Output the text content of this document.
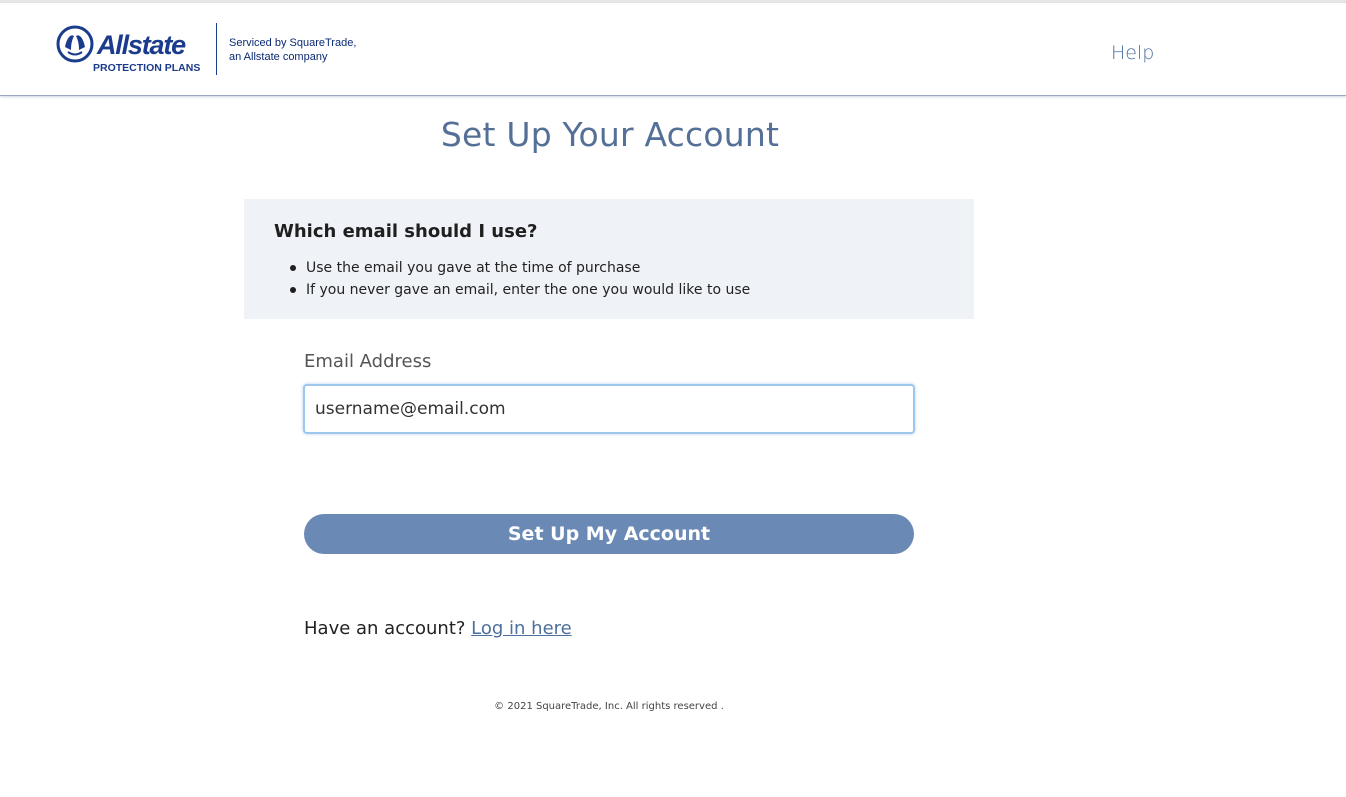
Allstate
PROTECTION PLANS
Serviced by SquareTrade,
an Allstate company	Help
Set Up Your Account
Which email should I use?
Use the email you gave at the time of purchase
If you never gave an email, enter the one you would like to use
Email Address
username@email.com
Set Up My Account
Have an account? Log in here
© 2021 SquareTrade, Inc. All rights reserved .
